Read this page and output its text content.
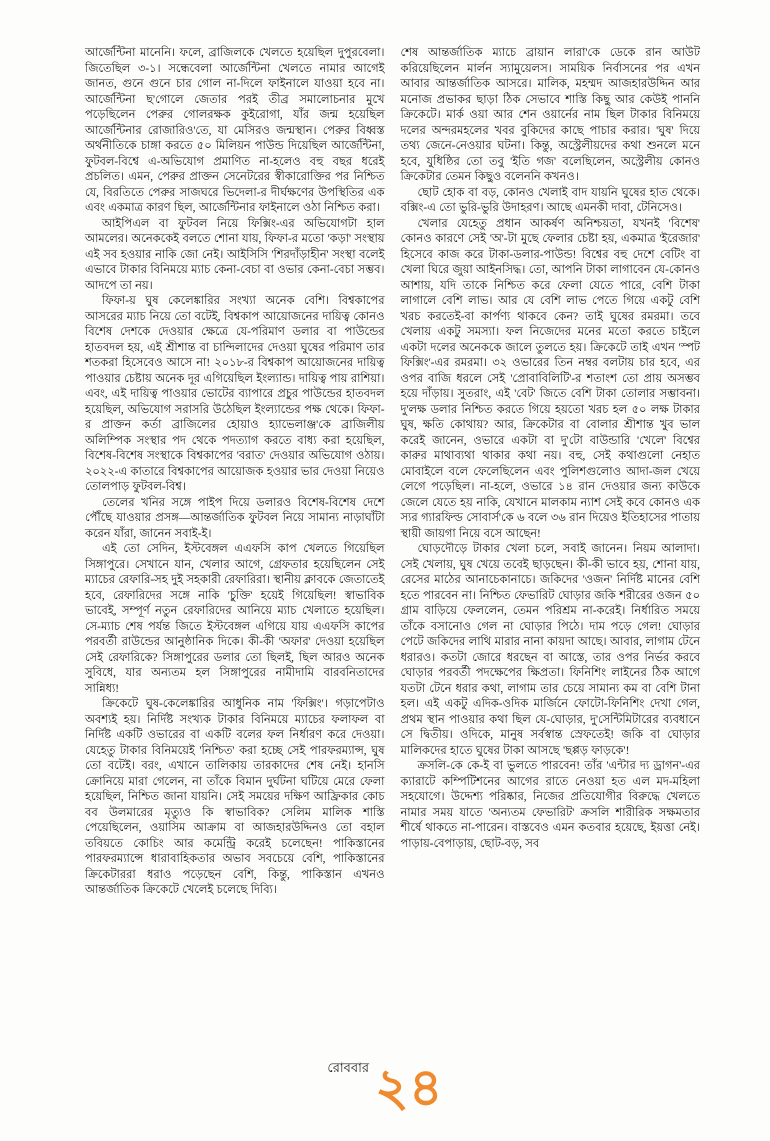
আর্জেন্টিনা মানেনি। ফলে, ব্রাজিলকে খেলতে হয়েছিল দুপুরবেলা। জিতেছিল ৩-১। সন্ধেবেলা আর্জেন্টিনা খেলতে নামার আগেই জানত, গুনে গুনে চার গোল না-দিলে ফাইনালে যাওয়া হবে না। আর্জেন্টিনা ছ'গোলে জেতার পরই তীব্র সমালোচনার মুখে পড়েছিলেন পেরুর গোলরক্ষক কুইরোগা, যাঁর জন্ম হয়েছিল আর্জেন্টিনার রোজারিও'তে, যা মেসিরও জন্মস্থান। পেরুর বিধ্বস্ত অর্থনীতিকে চাঙ্গা করতে ৫০ মিলিয়ন পাউন্ড দিয়েছিল আর্জেন্টিনা, ফুটবল-বিশ্বে এ-অভিযোগ প্রমাণিত না-হলেও বহু বছর ধরেই প্রচলিত। এমন, পেরুর প্রাক্তন সেনেটরের স্বীকারোক্তির পর নিশ্চিত যে, বিরতিতে পেরুর সাজঘরে ভিদেলা-র দীর্ঘক্ষণের উপস্থিতির এক এবং একমাত্র কারণ ছিল, আর্জেন্টিনার ফাইনালে ওঠা নিশ্চিত করা।

আইপিএল বা ফুটবল নিয়ে ফিক্সিং-এর অভিযোগটা হাল আমলের। অনেককেই বলতে শোনা যায়, ফিফা-র মতো 'কড়া' সংস্থায় এই সব হওয়ার নাকি জো নেই। আইসিসি 'শিরদাঁড়াহীন' সংস্থা বলেই এভাবে টাকার বিনিময়ে ম্যাচ কেনা-বেচা বা ওভার কেনা-বেচা সম্ভব। আদপে তা নয়।

ফিফা-য় ঘুষ কেলেঙ্কারির সংখ্যা অনেক বেশি। বিশ্বকাপের আসরের ম্যাচ নিয়ে তো বটেই, বিশ্বকাপ আয়োজনের দায়িত্ব কোনও বিশেষ দেশকে দেওয়ার ক্ষেত্রে যে-পরিমাণ ডলার বা পাউন্ডের হাতবদল হয়, এই শ্রীশান্ত বা চান্দিলাদের দেওয়া ঘুষের পরিমাণ তার শতকরা হিসেবেও আসে না! ২০১৮-র বিশ্বকাপ আয়োজনের দায়িত্ব পাওয়ার চেষ্টায় অনেক দূর এগিয়েছিল ইংল্যান্ড। দায়িত্ব পায় রাশিয়া। এবং, এই দায়িত্ব পাওয়ার ভোটের ব্যাপারে প্রচুর পাউন্ডের হাতবদল হয়েছিল, অভিযোগ সরাসরি উঠেছিল ইংল্যান্ডের পক্ষ থেকে। ফিফা-র প্রাক্তন কর্তা ব্রাজিলের হোয়াও হ্যাভেলাঞ্জ'কে ব্রাজিলীয় অলিম্পিক সংস্থার পদ থেকে পদত্যাগ করতে বাধ্য করা হয়েছিল, বিশেষ-বিশেষ সংস্থাকে বিশ্বকাপের 'বরাত' দেওয়ার অভিযোগ ওঠায়। ২০২২-এ কাতারে বিশ্বকাপের আয়োজক হওয়ার ভার দেওয়া নিয়েও তোলপাড় ফুটবল-বিশ্ব।

তেলের খনির সঙ্গে পাইপ দিয়ে ডলারও বিশেষ-বিশেষ দেশে পৌঁছে যাওয়ার প্রসঙ্গ—আন্তর্জাতিক ফুটবল নিয়ে সামান্য নাড়াঘাঁটা করেন যাঁরা, জানেন সবাই-ই।

এই তো সেদিন, ইস্টবেঙ্গল এএফসি কাপ খেলতে গিয়েছিল সিঙ্গাপুরে। সেখানে যান, খেলার আগে, গ্রেফতার হয়েছিলেন সেই ম্যাচের রেফারি-সহ দুই সহকারী রেফারিরা। স্থানীয় ক্লাবকে জেতাতেই হবে, রেফারিদের সঙ্গে নাকি 'চুক্তি' হয়েই গিয়েছিল! স্বাভাবিক ভাবেই, সম্পূর্ণ নতুন রেফারিদের আনিয়ে ম্যাচ খেলাতে হয়েছিল। সে-ম্যাচ শেষ পর্যন্ত জিতে ইস্টবেঙ্গল এগিয়ে যায় এএফসি কাপের পরবর্তী রাউন্ডের আনুষ্ঠানিক দিকে। কী-কী 'অফার' দেওয়া হয়েছিল সেই রেফারিকে? সিঙ্গাপুরের ডলার তো ছিলই, ছিল আরও অনেক সুবিধে, যার অন্যতম হল সিঙ্গাপুরের নামীদামি বারবনিতাদের সান্নিধ্য!

ক্রিকেটে ঘুষ-কেলেঙ্কারির আধুনিক নাম 'ফিক্সিং'। গড়াপেটাও অবশ্যই হয়। নির্দিষ্ট সংখ্যক টাকার বিনিময়ে ম্যাচের ফলাফল বা নির্দিষ্ট একটি ওভারের বা একটি বলের ফল নির্ধারণ করে দেওয়া। যেহেতু টাকার বিনিময়েই 'নিশ্চিত' করা হচ্ছে সেই পারফরম্যান্স, ঘুষ তো বটেই। বরং, এখানে তালিকায় তারকাদের শেষ নেই। হানসি ক্রোনিয়ে মারা গেলেন, না তাঁকে বিমান দুর্ঘটনা ঘটিয়ে মেরে ফেলা হয়েছিল, নিশ্চিত জানা যায়নি। সেই সময়ের দক্ষিণ আফ্রিকার কোচ বব উলমারের মৃত্যুও কি স্বাভাবিক? সেলিম মালিক শাস্তি পেয়েছিলেন, ওয়াসিম আক্রাম বা আজহার‌উদ্দিনও তো বহাল তবিয়তে কোচিং আর কমেন্ট্রি করেই চলেছেন! পাকিস্তানের পারফরম্যান্সে ধারাবাহিকতার অভাব সবচেয়ে বেশি, পাকিস্তানের ক্রিকেটাররা ধরাও পড়েছেন বেশি, কিন্তু, পাকিস্তান এখনও আন্তর্জাতিক ক্রিকেটে খেলেই চলেছে দিব্যি।

শেষ আন্তর্জাতিক ম্যাচে ব্রায়ান লারা'কে ডেকে রান আউট করিয়েছিলেন মার্লন স্যামুয়েলস। সাময়িক নির্বাসনের পর এখন আবার আন্তর্জাতিক আসরে। মালিক, মহম্মদ আজহারউদ্দিন আর মনোজ প্রভাকর ছাড়া ঠিক সেভাবে শাস্তি কিছু আর কেউই পাননি ক্রিকেটে। মার্ক ওয়া আর শেন ওয়ার্নের নাম ছিল টাকার বিনিময়ে দলের অন্দরমহলের খবর বুকিদের কাছে পাচার করার। 'ঘুষ' দিয়ে তথ্য জেনে-নেওয়ার ঘটনা। কিন্তু, অস্ট্রেলীয়দের কথা শুনলে মনে হবে, যুধিষ্ঠির তো তবু 'ইতি গজ' বলেছিলেন, অস্ট্রেলীয় কোনও ক্রিকেটার তেমন কিছুও বলেননি কখনও।

ছোট হোক বা বড়, কোনও খেলাই বাদ যায়নি ঘুষের হাত থেকে। বক্সিং-এ তো ভুরি-ভুরি উদাহরণ। আছে এমনকী দাবা, টেনিসেও।

খেলার যেহেতু প্রধান আকর্ষণ অনিশ্চয়তা, যখনই 'বিশেষ' কোনও কারণে সেই 'অ'-টা মুছে ফেলার চেষ্টা হয়, একমাত্র 'ইরেজার' হিসেবে কাজ করে টাকা-ডলার-পাউন্ড! বিশ্বের বহু দেশে বেটিং বা খেলা ঘিরে জুয়া আইনসিদ্ধ। তো, আপনি টাকা লাগাবেন যে-কোনও আশায়, যদি তাকে নিশ্চিত করে ফেলা যেতে পারে, বেশি টাকা লাগালে বেশি লাভ। আর যে বেশি লাভ পেতে গিয়ে একটু বেশি খরচ করতেই-বা কার্পণ্য থাকবে কেন? তাই ঘুষের রমরমা। তবে খেলায় একটু সমস্যা। ফল নিজেদের মনের মতো করতে চাইলে একটা দলের অনেককে জালে তুলতে হয়। ক্রিকেটে তাই এখন 'স্পট ফিক্সিং'-এর রমরমা। ৩২ ওভারের তিন নম্বর বলটায় চার হবে, এর ওপর বাজি ধরলে সেই 'প্রোবাবিলিটি'-র শতাংশ তো প্রায় অসম্ভব হয়ে দাঁড়ায়। সুতরাং, এই 'বেট' জিতে বেশি টাকা তোলার সম্ভাবনা। দু'লক্ষ ডলার নিশ্চিত করতে গিয়ে হয়তো খরচ হল ৫০ লক্ষ টাকার ঘুষ, ক্ষতি কোথায়? আর, ক্রিকেটার বা বোলার শ্রীশান্ত খুব ভাল করেই জানেন, ওভারে একটা বা দু'টো বাউন্ডারি 'খেলে' বিশ্বের কারুর মাথাব্যথা থাকার কথা নয়। বহু, সেই কথাগুলো নেহাত মোবাইলে বলে ফেলেছিলেন এবং পুলিশগুলোও আদা-জল খেয়ে লেগে পড়েছিল। না-হলে, ওভারে ১৪ রান দেওয়ার জন্য কাউকে জেলে যেতে হয় নাকি, যেখানে মালকাম ন্যাশ সেই কবে কোনও এক স্যর গ্যারফিল্ড সোবার্স'কে ৬ বলে ৩৬ রান দিয়েও ইতিহাসের পাতায় স্থায়ী জায়গা নিয়ে বসে আছেন!

ঘোড়দৌড়ে টাকার খেলা চলে, সবাই জানেন। নিয়ম আলাদা। সেই খেলায়, ঘুষ খেয়ে তবেই ছাড়ছেন। কী-কী ভাবে হয়, শোনা যায়, রেসের মাঠের আনাচেকানাচে। জকিদের 'ওজন' নির্দিষ্ট মানের বেশি হতে পারবেন না। নিশ্চিত ফেভারিট ঘোড়ার জকি শরীরের ওজন ৫০ গ্রাম বাড়িয়ে ফেললেন, তেমন পরিশ্রম না-করেই। নির্ধারিত সময়ে তাঁকে বসানোও গেল না ঘোড়ার পিঠে। দাম পড়ে গেল! ঘোড়ার পেটে জকিদের লাথি মারার নানা কায়দা আছে। আবার, লাগাম টেনে ধরারও। কতটা জোরে ধরছেন বা আস্তে, তার ওপর নির্ভর করবে ঘোড়ার পরবর্তী পদক্ষেপের ক্ষিপ্রতা। ফিনিশিং লাইনের ঠিক আগে যতটা টেনে ধরার কথা, লাগাম তার চেয়ে সামান্য কম বা বেশি টানা হল। এই একটু এদিক-ওদিক মার্জিনে ফোটো-ফিনিশিং দেখা গেল, প্রথম স্থান পাওয়ার কথা ছিল যে-ঘোড়ার, দু'সেন্টিমিটারের ব্যবধানে সে দ্বিতীয়। ওদিকে, মানুষ সর্বস্বান্ত স্রেফতেই! জকি বা ঘোড়ার মালিকদের হাতে ঘুষের টাকা আসছে 'ছপ্পড় ফাড়কে'!

ক্রসলি-কে কে-ই বা ভুলতে পারবেন! তাঁর 'এন্টার দ্য ড্রাগন'-এর ক্যারাটে কম্পিটিশনের আগের রাতে নেওয়া হত এল মদ-মহিলা সহযোগে। উদ্দেশ্য পরিষ্কার, নিজের প্রতিযোগীর বিরুদ্ধে খেলতে নামার সময় যাতে 'অন্যতম ফেভারিট' ক্রসলি শারীরিক সক্ষমতার শীর্ষে থাকতে না-পারেন। বাস্তবেও এমন কতবার হয়েছে, ইয়ত্তা নেই। পাড়ায়-বেপাড়ায়, ছোট-বড়, সব

রোববার ২৪
